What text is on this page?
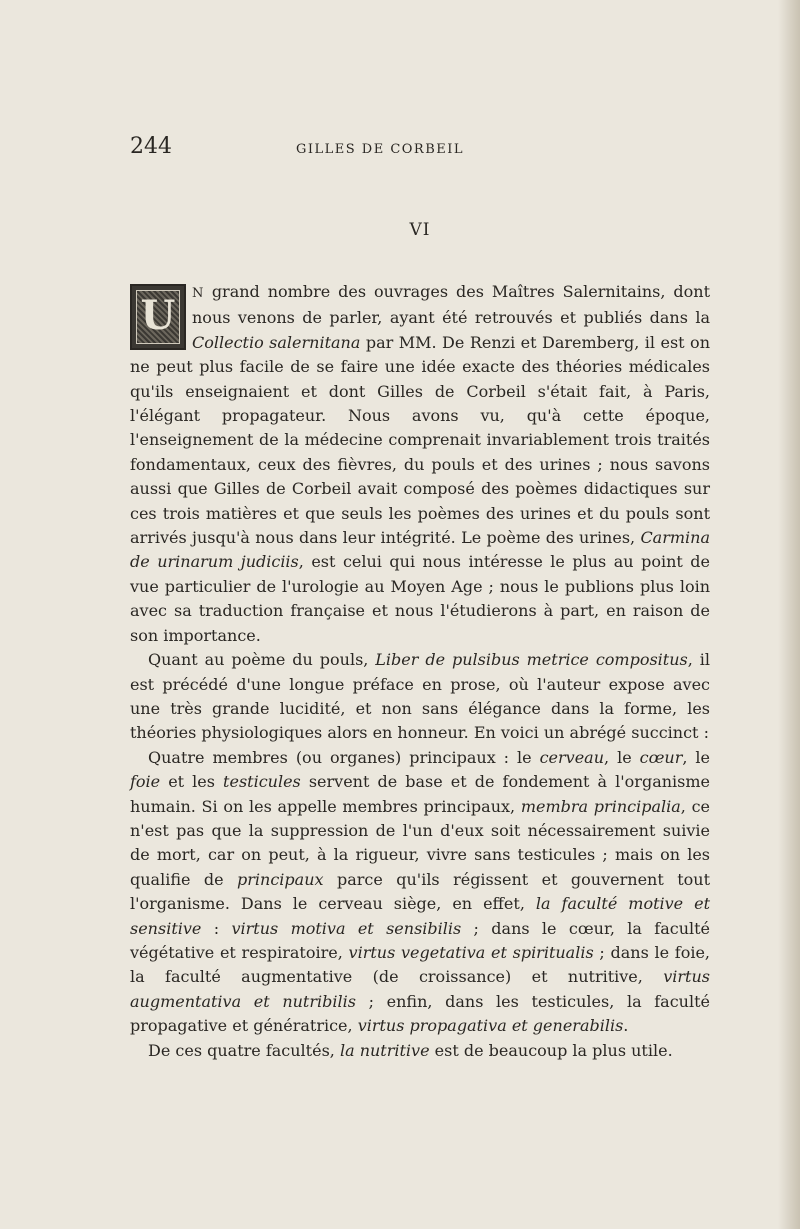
244	GILLES DE CORBEIL
VI

U	N grand nombre des ouvrages des Maîtres Salernitains, dont nous venons de parler, ayant été retrouvés et publiés dans la Collectio salernitana par MM. De Renzi et Daremberg, il est on ne peut plus facile de se faire une idée exacte des théories médicales qu'ils enseignaient et dont Gilles de Corbeil s'était fait, à Paris, l'élégant propagateur. Nous avons vu, qu'à cette époque, l'enseignement de la médecine comprenait invariablement trois traités fondamentaux, ceux des fièvres, du pouls et des urines ; nous savons aussi que Gilles de Corbeil avait composé des poèmes didactiques sur ces trois matières et que seuls les poèmes des urines et du pouls sont arrivés jusqu'à nous dans leur intégrité. Le poème des urines, Carmina de urinarum judiciis, est celui qui nous intéresse le plus au point de vue particulier de l'urologie au Moyen Age ; nous le publions plus loin avec sa traduction française et nous l'étudierons à part, en raison de son importance.

Quant au poème du pouls, Liber de pulsibus metrice compositus, il est précédé d'une longue préface en prose, où l'auteur expose avec une très grande lucidité, et non sans élégance dans la forme, les théories physiologiques alors en honneur. En voici un abrégé succinct :

Quatre membres (ou organes) principaux : le cerveau, le cœur, le foie et les testicules servent de base et de fondement à l'organisme humain. Si on les appelle membres principaux, membra principalia, ce n'est pas que la suppression de l'un d'eux soit nécessairement suivie de mort, car on peut, à la rigueur, vivre sans testicules ; mais on les qualifie de principaux parce qu'ils régissent et gouvernent tout l'organisme. Dans le cerveau siège, en effet, la faculté motive et sensitive : virtus motiva et sensibilis ; dans le cœur, la faculté végétative et respiratoire, virtus vegetativa et spiritualis ; dans le foie, la faculté augmentative (de croissance) et nutritive, virtus augmentativa et nutribilis ; enfin, dans les testicules, la faculté propagative et génératrice, virtus propagativa et generabilis.

De ces quatre facultés, la nutritive est de beaucoup la plus utile.
